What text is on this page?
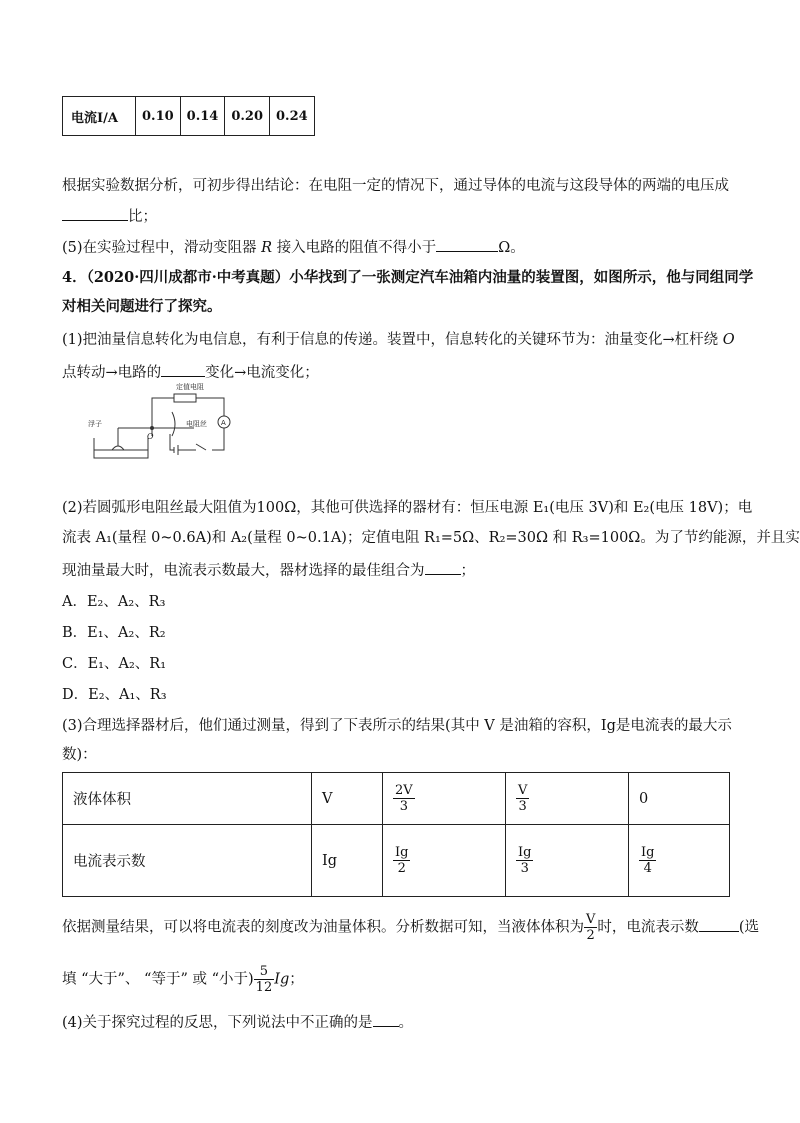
电流I/A	0.10	0.14	0.20	0.24
根据实验数据分析，可初步得出结论：在电阻一定的情况下，通过导体的电流与这段导体的两端的电压成
比；
(5)在实验过程中，滑动变阻器 R 接入电路的阻值不得小于	Ω。
4．（2020·四川成都市·中考真题）小华找到了一张测定汽车油箱内油量的装置图，如图所示，他与同组同学
对相关问题进行了探究。
(1)把油量信息转化为电信息，有利于信息的传递。装置中，信息转化的关键环节为：油量变化→杠杆绕 O
点转动→电路的	变化→电流变化；
定值电阻
电阻丝
浮子
O
A
(2)若圆弧形电阻丝最大阻值为100Ω，其他可供选择的器材有：恒压电源 E₁(电压 3V)和 E₂(电压 18V)；电
流表 A₁(量程 0~0.6A)和 A₂(量程 0~0.1A)；定值电阻 R₁=5Ω、R₂=30Ω 和 R₃=100Ω。为了节约能源，并且实
现油量最大时，电流表示数最大，器材选择的最佳组合为 ；
A．E₂、A₂、R₃
B．E₁、A₂、R₂
C．E₁、A₂、R₁
D．E₂、A₁、R₃
(3)合理选择器材后，他们通过测量，得到了下表所示的结果(其中 V 是油箱的容积，Ig是电流表的最大示
数)：
液体体积	V	$\frac{2V}{3}$	$\frac{V}{3}$	0
电流表示数	Ig	$\frac{Ig}{2}$	$\frac{Ig}{3}$	$\frac{Ig}{4}$
依据测量结果，可以将电流表的刻度改为油量体积。分析数据可知，当液体体积为 $\frac{V}{2}$ 时，电流表示数	(选
填 “大于”、 “等于” 或 “小于) $\frac{5}{12}$ Ig；
(4)关于探究过程的反思，下列说法中不正确的是 。
